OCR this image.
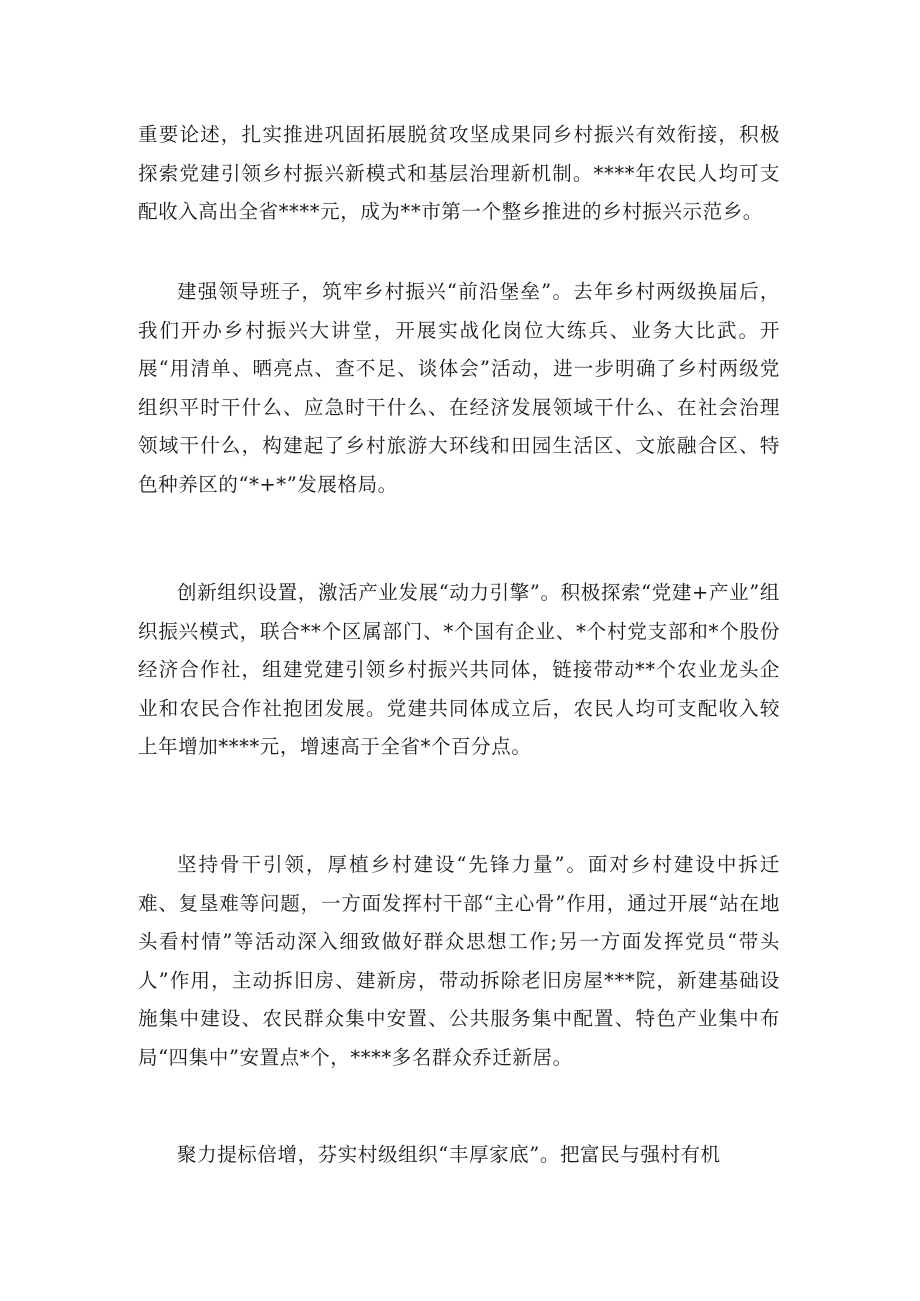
重要论述，扎实推进巩固拓展脱贫攻坚成果同乡村振兴有效衔接，积极探索党建引领乡村振兴新模式和基层治理新机制。****年农民人均可支配收入高出全省****元，成为**市第一个整乡推进的乡村振兴示范乡。

建强领导班子，筑牢乡村振兴“前沿堡垒”。去年乡村两级换届后，我们开办乡村振兴大讲堂，开展实战化岗位大练兵、业务大比武。开展“用清单、晒亮点、查不足、谈体会”活动，进一步明确了乡村两级党组织平时干什么、应急时干什么、在经济发展领域干什么、在社会治理领域干什么，构建起了乡村旅游大环线和田园生活区、文旅融合区、特色种养区的“*+*”发展格局。

创新组织设置，激活产业发展“动力引擎”。积极探索“党建+产业”组织振兴模式，联合**个区属部门、*个国有企业、*个村党支部和*个股份经济合作社，组建党建引领乡村振兴共同体，链接带动**个农业龙头企业和农民合作社抱团发展。党建共同体成立后，农民人均可支配收入较上年增加****元，增速高于全省*个百分点。

坚持骨干引领，厚植乡村建设“先锋力量”。面对乡村建设中拆迁难、复垦难等问题，一方面发挥村干部“主心骨”作用，通过开展“站在地头看村情”等活动深入细致做好群众思想工作;另一方面发挥党员“带头人”作用，主动拆旧房、建新房，带动拆除老旧房屋***院，新建基础设施集中建设、农民群众集中安置、公共服务集中配置、特色产业集中布局“四集中”安置点*个，****多名群众乔迁新居。

聚力提标倍增，芬实村级组织“丰厚家底”。把富民与强村有机
